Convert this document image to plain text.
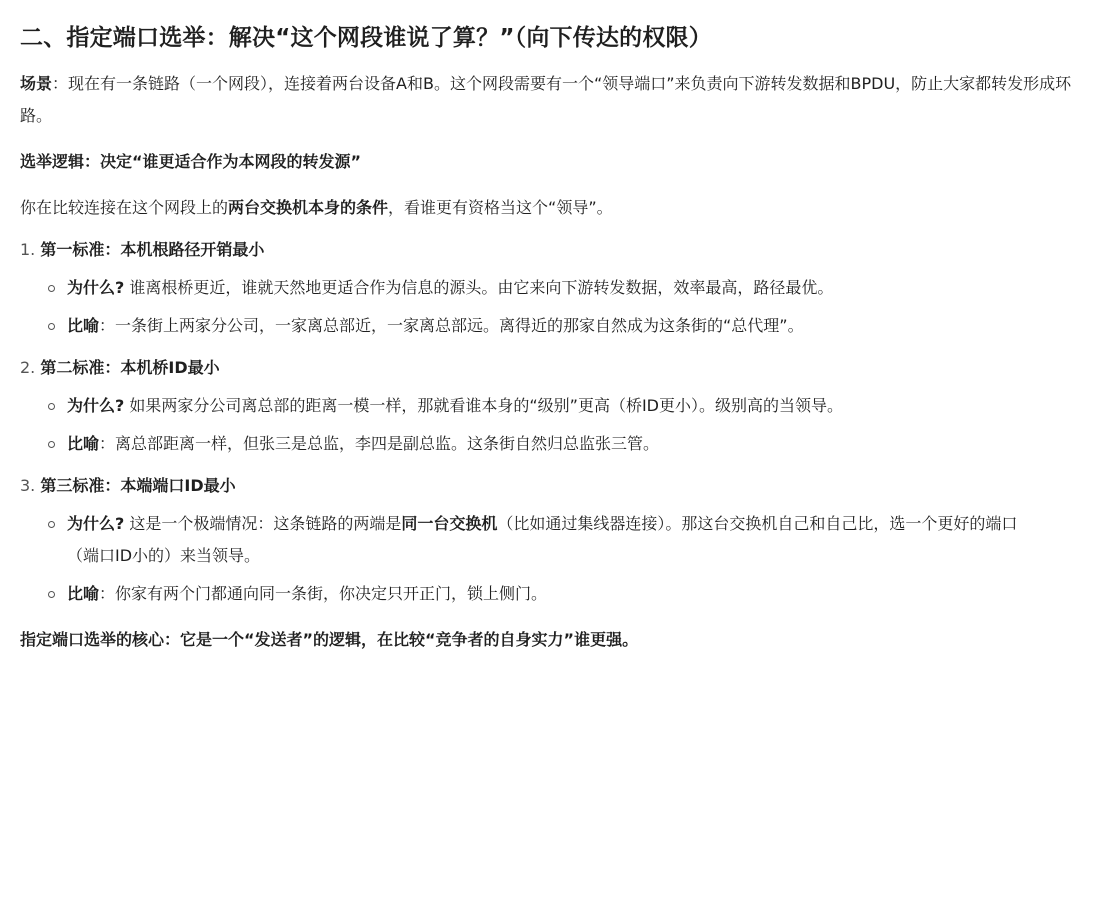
二、指定端口选举：解决“这个网段谁说了算？”（向下传达的权限）

场景：现在有一条链路（一个网段），连接着两台设备A和B。这个网段需要有一个“领导端口”来负责向下游转发数据和BPDU，防止大家都转发形成环路。

选举逻辑：决定“谁更适合作为本网段的转发源”

你在比较连接在这个网段上的两台交换机本身的条件，看谁更有资格当这个“领导”。

1. 第一标准：本机根路径开销最小
为什么? 谁离根桥更近，谁就天然地更适合作为信息的源头。由它来向下游转发数据，效率最高，路径最优。
比喻：一条街上两家分公司，一家离总部近，一家离总部远。离得近的那家自然成为这条街的“总代理”。
2. 第二标准：本机桥ID最小
为什么? 如果两家分公司离总部的距离一模一样，那就看谁本身的“级别”更高（桥ID更小）。级别高的当领导。
比喻：离总部距离一样，但张三是总监，李四是副总监。这条街自然归总监张三管。
3. 第三标准：本端端口ID最小
为什么? 这是一个极端情况：这条链路的两端是同一台交换机（比如通过集线器连接）。那这台交换机自己和自己比，选一个更好的端口（端口ID小的）来当领导。
比喻：你家有两个门都通向同一条街，你决定只开正门，锁上侧门。
指定端口选举的核心：它是一个“发送者”的逻辑，在比较“竞争者的自身实力”谁更强。
